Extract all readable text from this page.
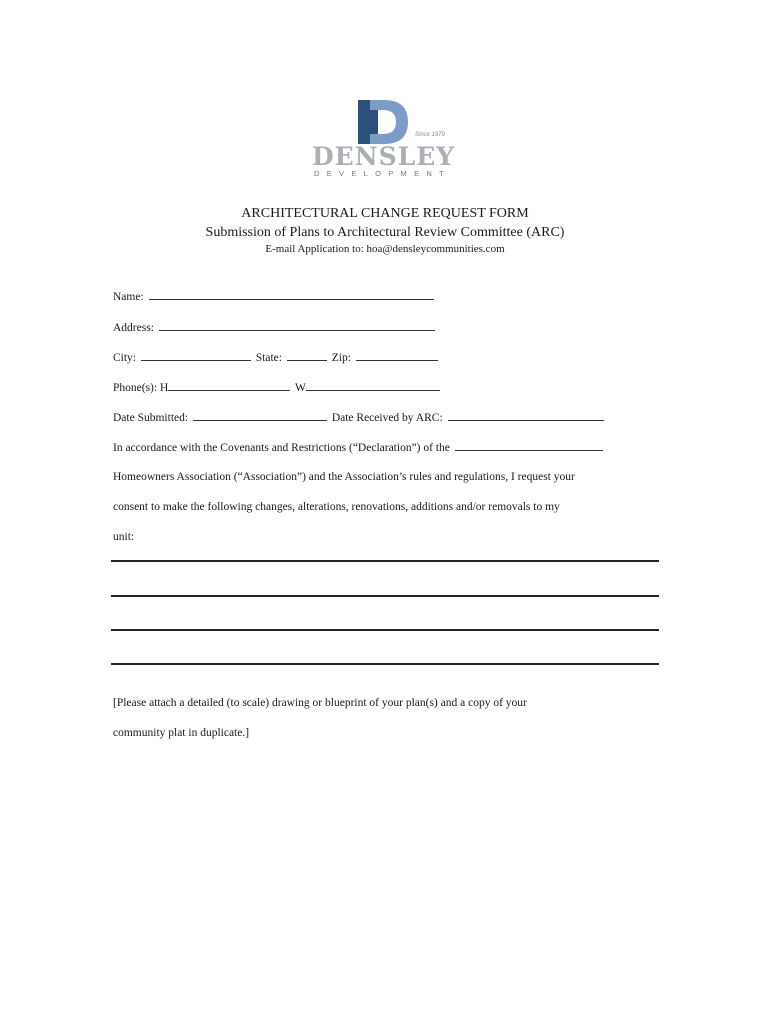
Since 1979
DENSLEY
DEVELOPMENT
ARCHITECTURAL CHANGE REQUEST FORM
Submission of Plans to Architectural Review Committee (ARC)
E-mail Application to: hoa@densleycommunities.com
Name:
Address:
City:	State:	Zip:
Phone(s): H	W
Date Submitted:	Date Received by ARC:
In accordance with the Covenants and Restrictions (“Declaration”) of the
Homeowners Association (“Association”) and the Association’s rules and regulations, I request your
consent to make the following changes, alterations, renovations, additions and/or removals to my
unit:
[Please attach a detailed (to scale) drawing or blueprint of your plan(s) and a copy of your
community plat in duplicate.]
